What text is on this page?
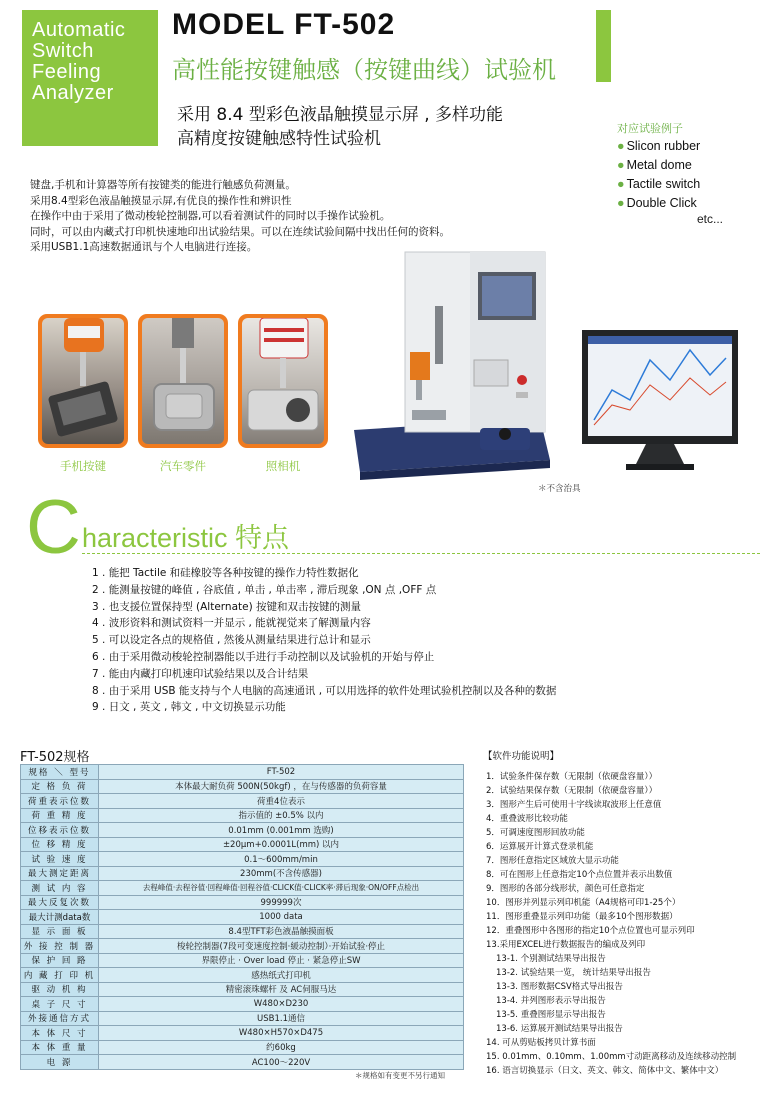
Automatic
Switch
Feeling
Analyzer
MODEL FT-502
高性能按键触感（按键曲线）试验机
采用 8.4 型彩色液晶触摸显示屏 , 多样功能
高精度按键触感特性试验机
对应试验例子
● Slicon rubber
● Metal dome
● Tactile switch
● Double Click
etc...

键盘,手机和计算器等所有按键类的能进行触感负荷测量。

采用8.4型彩色液晶触摸显示屏,有优良的操作性和辨识性

在操作中由于采用了微动梭轮控制器,可以看着测试件的同时以手操作试验机。

同时，可以由内藏式打印机快速地印出试验结果。可以在连续试验间隔中找出任何的资料。

采用USB1.1高速数据通讯与个人电脑进行连接。

手机按键	汽车零件	照相机
＊不含治具
C haracteristic 特点
1 . 能把 Tactile 和硅橡胶等各种按键的操作力特性数据化
2 . 能测量按键的峰值 , 谷底值 , 单击 , 单击率 , 滞后现象 ,ON 点 ,OFF 点
3 . 也支援位置保持型 (Alternate) 按键和双击按键的测量
4 . 波形资料和测试资料一并显示 , 能就视觉来了解测量内容
5 . 可以设定各点的规格值 , 然後从测量结果进行总计和显示
6 . 由于采用微动梭轮控制器能以手进行手动控制以及试验机的开始与停止
7 . 能由内藏打印机速印试验结果以及合计结果
8 . 由于采用 USB 能支持与个人电脑的高速通讯 , 可以用选择的软件处理试验机控制以及各种的数据
9 . 日文 , 英文 , 韩文 , 中文切换显示功能
FT-502规格
规格 ＼ 型号	FT-502
定 格 负 荷	本体最大耐负荷 500N(50kgf) ，在与传感器的负荷容量
荷重表示位数	荷重4位表示
荷 重 精 度	指示值的 ±0.5% 以内
位移表示位数	0.01mm (0.001mm 选购)
位 移 精 度	±20μm+0.0001L(mm) 以内
试 验 速 度	0.1～600mm/min
最大测定距离	230mm(不含传感器)
测 试 内 容	去程峰值·去程谷值·回程峰值·回程谷值·CLICK值·CLICK率·滞后现象·ON/OFF点检出
最大反复次数	999999次
最大计测data数	1000 data
显 示 面 板	8.4型TFT彩色液晶触摸面板
外 接 控 制 器	梭轮控制器(7段可变速度控制·緩动控制）·开始试验·停止
保 护 回 路	界限停止 · Over load 停止 · 紧急停止SW
内 藏 打 印 机	感热纸式打印机
驱 动 机 构	精密滚珠螺杆 及 AC伺服马达
桌 子 尺 寸	W480×D230
外接通信方式	USB1.1通信
本 体 尺 寸	W480×H570×D475
本 体 重 量	约60kg
电 源	AC100～220V
＊规格如有变更不另行通知
【软件功能说明】
1．试验条件保存数（无限制（依硬盘容量））
2．试验结果保存数（无限制（依硬盘容量））
3．图形产生后可使用十字线读取波形上任意值
4．重叠波形比较功能
5．可调速度图形回放功能
6．运算展开计算式登录机能
7．图形任意指定区域放大显示功能
8．可在图形上任意指定10个点位置并表示出数值
9．图形的各部分线形状，颜色可任意指定
10．图形并列显示列印机能（A4规格可印1-25个）
11．图形重叠显示列印功能（最多10个图形数据）
12．重叠图形中各图形的指定10个点位置也可显示列印
13.采用EXCEL进行数据报告的编成及列印
13-1. 个别测试结果导出报告
13-2. 试验结果一览， 统计结果导出报告
13-3. 图形数据CSV格式导出报告
13-4. 并列图形表示导出报告
13-5. 重叠图形显示导出报告
13-6. 运算展开测试结果导出报告
14. 可从剪贴板拷贝计算书面
15. 0.01mm、0.10mm、1.00mm寸动距离移动及连续移动控制
16. 语言切换显示（日文、英文、韩文、简体中文、繁体中文）
